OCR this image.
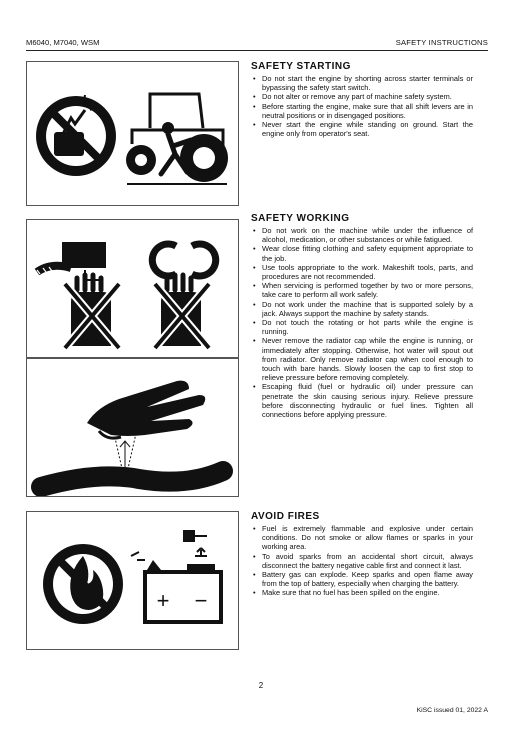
M6040, M7040, WSM	SAFETY INSTRUCTIONS
+ −
SAFETY STARTING
• Do not start the engine by shorting across starter terminals or bypassing the safety start switch.
• Do not alter or remove any part of machine safety system.
• Before starting the engine, make sure that all shift levers are in neutral positions or in disengaged positions.
• Never start the engine while standing on ground. Start the engine only from operator's seat.
SAFETY WORKING
• Do not work on the machine while under the influence of alcohol, medication, or other substances or while fatigued.
• Wear close fitting clothing and safety equipment appropriate to the job.
• Use tools appropriate to the work. Makeshift tools, parts, and procedures are not recommended.
• When servicing is performed together by two or more persons, take care to perform all work safely.
• Do not work under the machine that is supported solely by a jack. Always support the machine by safety stands.
• Do not touch the rotating or hot parts while the engine is running.
• Never remove the radiator cap while the engine is running, or immediately after stopping. Otherwise, hot water will spout out from radiator. Only remove radiator cap when cool enough to touch with bare hands. Slowly loosen the cap to first stop to relieve pressure before removing completely.
• Escaping fluid (fuel or hydraulic oil) under pressure can penetrate the skin causing serious injury. Relieve pressure before disconnecting hydraulic or fuel lines. Tighten all connections before applying pressure.
AVOID FIRES
• Fuel is extremely flammable and explosive under certain conditions. Do not smoke or allow flames or sparks in your working area.
• To avoid sparks from an accidental short circuit, always disconnect the battery negative cable first and connect it last.
• Battery gas can explode. Keep sparks and open flame away from the top of battery, especially when charging the battery.
• Make sure that no fuel has been spilled on the engine.
2
KiSC issued 01, 2022 A
